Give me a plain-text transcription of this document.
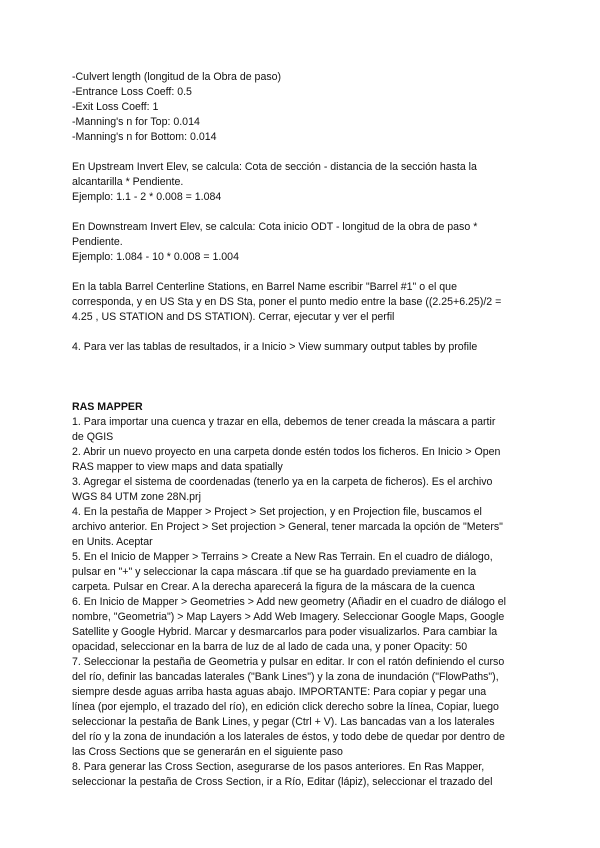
-Culvert length (longitud de la Obra de paso)
-Entrance Loss Coeff: 0.5
-Exit Loss Coeff: 1
-Manning's n for Top: 0.014
-Manning's n for Bottom: 0.014
En Upstream Invert Elev, se calcula: Cota de sección - distancia de la sección hasta la
alcantarilla * Pendiente.
Ejemplo: 1.1 - 2 * 0.008 = 1.084
En Downstream Invert Elev, se calcula: Cota inicio ODT - longitud de la obra de paso *
Pendiente.
Ejemplo: 1.084 - 10 * 0.008 = 1.004
En la tabla Barrel Centerline Stations, en Barrel Name escribir "Barrel #1" o el que
corresponda, y en US Sta y en DS Sta, poner el punto medio entre la base ((2.25+6.25)/2 =
4.25 , US STATION and DS STATION). Cerrar, ejecutar y ver el perfil
4. Para ver las tablas de resultados, ir a Inicio > View summary output tables by profile
RAS MAPPER
1. Para importar una cuenca y trazar en ella, debemos de tener creada la máscara a partir
de QGIS
2. Abrir un nuevo proyecto en una carpeta donde estén todos los ficheros. En Inicio > Open
RAS mapper to view maps and data spatially
3. Agregar el sistema de coordenadas (tenerlo ya en la carpeta de ficheros). Es el archivo
WGS 84 UTM zone 28N.prj
4. En la pestaña de Mapper > Project > Set projection, y en Projection file, buscamos el
archivo anterior. En Project > Set projection > General, tener marcada la opción de "Meters"
en Units. Aceptar
5. En el Inicio de Mapper > Terrains > Create a New Ras Terrain. En el cuadro de diálogo,
pulsar en "+" y seleccionar la capa máscara .tif que se ha guardado previamente en la
carpeta. Pulsar en Crear. A la derecha aparecerá la figura de la máscara de la cuenca
6. En Inicio de Mapper > Geometries > Add new geometry (Añadir en el cuadro de diálogo el
nombre, "Geometria") > Map Layers > Add Web Imagery. Seleccionar Google Maps, Google
Satellite y Google Hybrid. Marcar y desmarcarlos para poder visualizarlos. Para cambiar la
opacidad, seleccionar en la barra de luz de al lado de cada una, y poner Opacity: 50
7. Seleccionar la pestaña de Geometria y pulsar en editar. Ir con el ratón definiendo el curso
del río, definir las bancadas laterales ("Bank Lines") y la zona de inundación ("FlowPaths"),
siempre desde aguas arriba hasta aguas abajo. IMPORTANTE: Para copiar y pegar una
línea (por ejemplo, el trazado del río), en edición click derecho sobre la línea, Copiar, luego
seleccionar la pestaña de Bank Lines, y pegar (Ctrl + V). Las bancadas van a los laterales
del río y la zona de inundación a los laterales de éstos, y todo debe de quedar por dentro de
las Cross Sections que se generarán en el siguiente paso
8. Para generar las Cross Section, asegurarse de los pasos anteriores. En Ras Mapper,
seleccionar la pestaña de Cross Section, ir a Río, Editar (lápiz), seleccionar el trazado del
